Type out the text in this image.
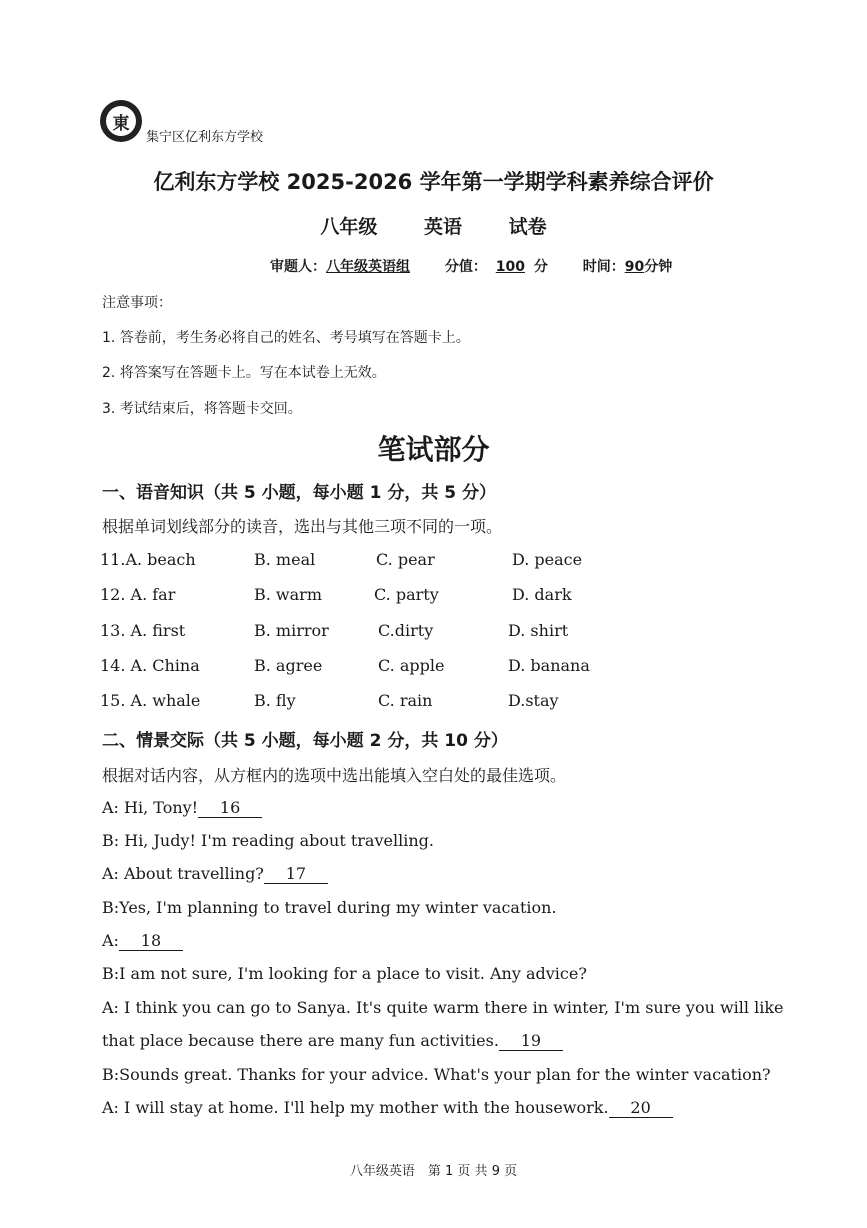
東
集宁区亿利东方学校
亿利东方学校 2025-2026 学年第一学期学科素养综合评价
八年级 英语 试卷
审题人：八年级英语组 分值： 100 分 时间：90分钟
注意事项：
1. 答卷前，考生务必将自己的姓名、考号填写在答题卡上。
2. 将答案写在答题卡上。写在本试卷上无效。
3. 考试结束后，将答题卡交回。
笔试部分
一、语音知识（共 5 小题，每小题 1 分，共 5 分）
根据单词划线部分的读音，选出与其他三项不同的一项。
11.A. beach	B. meal	C. pear	D. peace
12. A. far	B. warm	C. party	D. dark
13. A. first	B. mirror	C.dirty	D. shirt
14. A. China	B. agree	C. apple	D. banana
15. A. whale	B. fly	C. rain	D.stay
二、情景交际（共 5 小题，每小题 2 分，共 10 分）
根据对话内容，从方框内的选项中选出能填入空白处的最佳选项。
A: Hi, Tony! 16
B: Hi, Judy! I'm reading about travelling.
A: About travelling? 17
B:Yes, I'm planning to travel during my winter vacation.
A: 18
B:I am not sure, I'm looking for a place to visit. Any advice?
A: I think you can go to Sanya. It's quite warm there in winter, I'm sure you will like
that place because there are many fun activities. 19
B:Sounds great. Thanks for your advice. What's your plan for the winter vacation?
A: I will stay at home. I'll help my mother with the housework. 20
八年级英语　第 1 页 共 9 页
